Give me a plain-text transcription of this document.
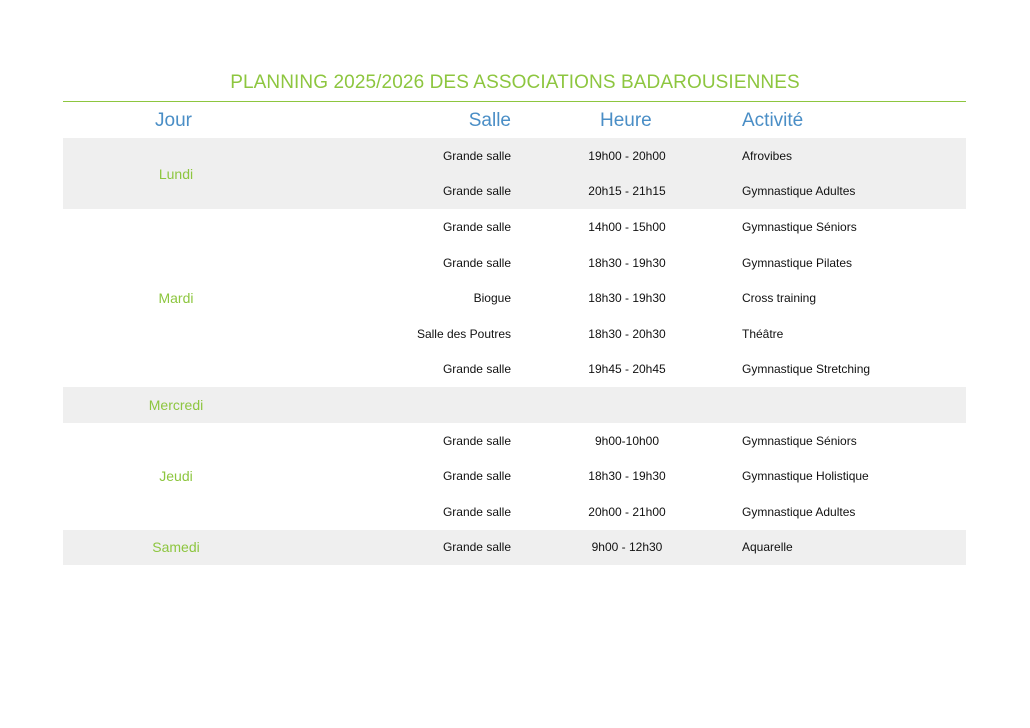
PLANNING 2025/2026 DES ASSOCIATIONS BADAROUSIENNES
Jour	Salle	Heure	Activité
Lundi
Grande salle	19h00 - 20h00	Afrovibes
Grande salle	20h15 - 21h15	Gymnastique Adultes
Mardi
Grande salle	14h00 - 15h00	Gymnastique Séniors
Grande salle	18h30 - 19h30	Gymnastique Pilates
Biogue	18h30 - 19h30	Cross training
Salle des Poutres	18h30 - 20h30	Théâtre
Grande salle	19h45 - 20h45	Gymnastique Stretching
Mercredi
Jeudi
Grande salle	9h00-10h00	Gymnastique Séniors
Grande salle	18h30 - 19h30	Gymnastique Holistique
Grande salle	20h00 - 21h00	Gymnastique Adultes
Samedi	Grande salle	9h00 - 12h30	Aquarelle
